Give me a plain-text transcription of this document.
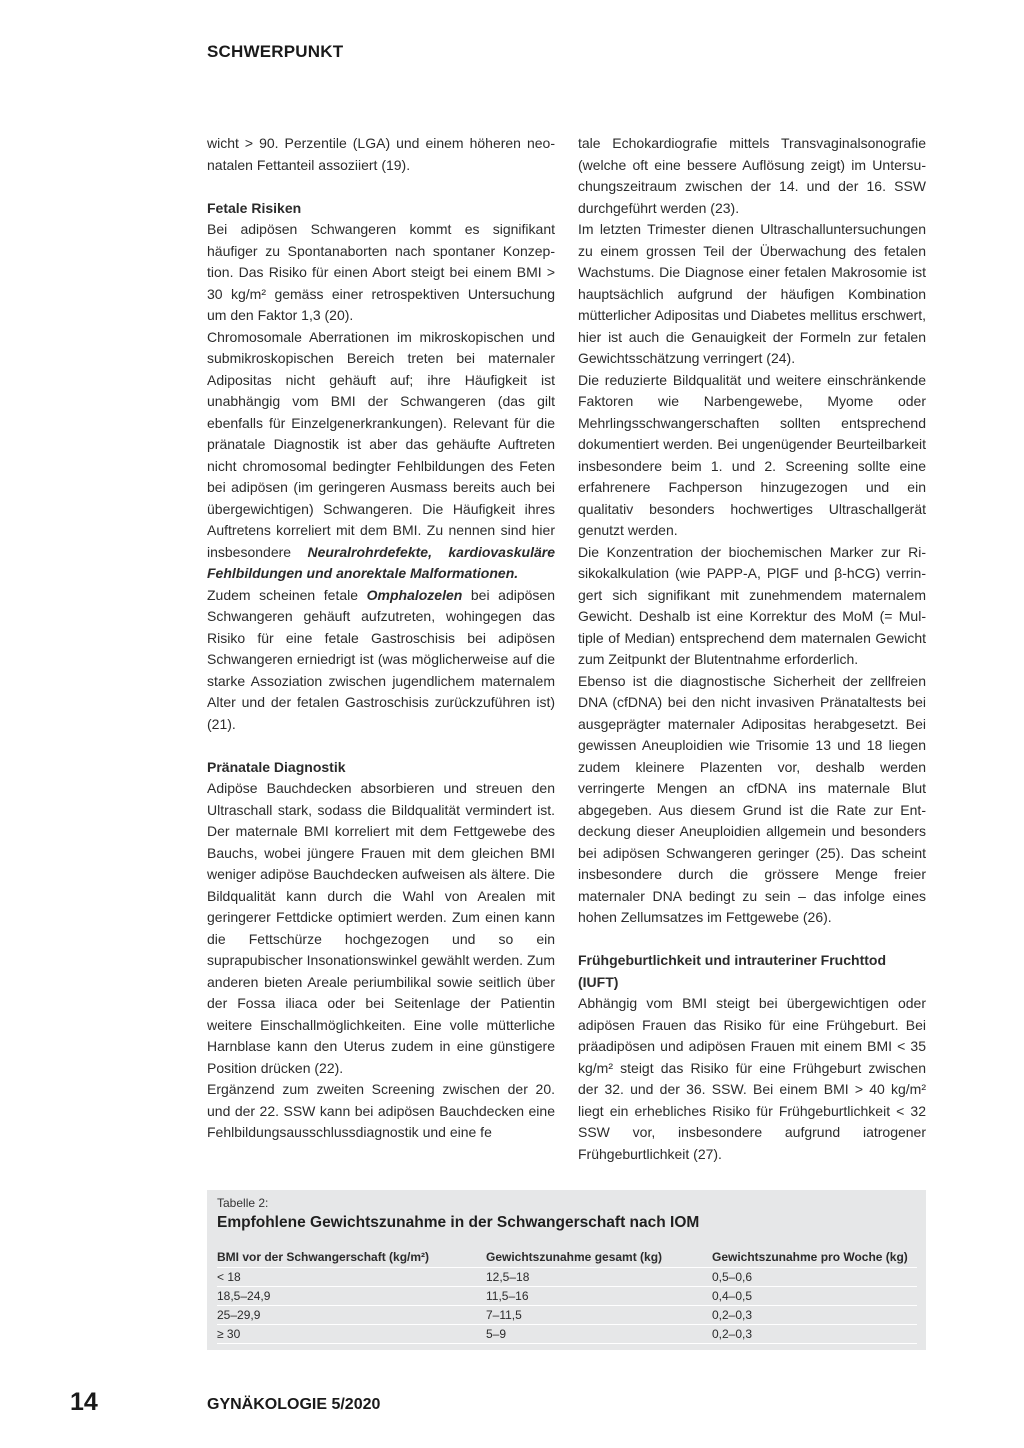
SCHWERPUNKT

wicht > 90. Perzentile (LGA) und einem höheren neonatalen Fettanteil assoziiert (19).

Fetale Risiken

Bei adipösen Schwangeren kommt es signifikant häufiger zu Spontanaborten nach spontaner Konzeption. Das Risiko für einen Abort steigt bei einem BMI > 30 kg/m² gemäss einer retrospektiven Untersuchung um den Faktor 1,3 (20).

Chromosomale Aberrationen im mikroskopischen und submikroskopischen Bereich treten bei maternaler Adipositas nicht gehäuft auf; ihre Häufigkeit ist unabhängig vom BMI der Schwangeren (das gilt ebenfalls für Einzelgenerkrankungen). Relevant für die pränatale Diagnostik ist aber das gehäufte Auftreten nicht chromosomal bedingter Fehlbildungen des Feten bei adipösen (im geringeren Ausmass bereits auch bei übergewichtigen) Schwangeren. Die Häufigkeit ihres Auftretens korreliert mit dem BMI. Zu nennen sind hier insbesondere Neuralrohrdefekte, kardiovaskuläre Fehlbildungen und anorektale Malformationen.

Zudem scheinen fetale Omphalozelen bei adipösen Schwangeren gehäuft aufzutreten, wohingegen das Risiko für eine fetale Gastroschisis bei adipösen Schwangeren erniedrigt ist (was möglicherweise auf die starke Assoziation zwischen jugendlichem maternalem Alter und der fetalen Gastroschisis zurückzuführen ist) (21).

Pränatale Diagnostik

Adipöse Bauchdecken absorbieren und streuen den Ultraschall stark, sodass die Bildqualität vermindert ist. Der maternale BMI korreliert mit dem Fettgewebe des Bauchs, wobei jüngere Frauen mit dem gleichen BMI weniger adipöse Bauchdecken aufweisen als ältere. Die Bildqualität kann durch die Wahl von Arealen mit geringerer Fettdicke optimiert werden. Zum einen kann die Fettschürze hochgezogen und so ein suprapubischer Insonationswinkel gewählt werden. Zum anderen bieten Areale periumbilikal sowie seitlich über der Fossa iliaca oder bei Seitenlage der Patientin weitere Einschallmöglichkeiten. Eine volle mütterliche Harnblase kann den Uterus zudem in eine günstigere Position drücken (22).

Ergänzend zum zweiten Screening zwischen der 20. und der 22. SSW kann bei adipösen Bauchdecken eine Fehlbildungsausschlussdiagnostik und eine fe

tale Echokardiografie mittels Transvaginalsonografie (welche oft eine bessere Auflösung zeigt) im Untersuchungszeitraum zwischen der 14. und der 16. SSW durchgeführt werden (23).

Im letzten Trimester dienen Ultraschalluntersuchungen zu einem grossen Teil der Überwachung des fetalen Wachstums. Die Diagnose einer fetalen Makrosomie ist hauptsächlich aufgrund der häufigen Kombination mütterlicher Adipositas und Diabetes mellitus erschwert, hier ist auch die Genauigkeit der Formeln zur fetalen Gewichtsschätzung verringert (24).

Die reduzierte Bildqualität und weitere einschränkende Faktoren wie Narbengewebe, Myome oder Mehrlingsschwangerschaften sollten entsprechend dokumentiert werden. Bei ungenügender Beurteilbarkeit insbesondere beim 1. und 2. Screening sollte eine erfahrenere Fachperson hinzugezogen und ein qualitativ besonders hochwertiges Ultraschallgerät genutzt werden.

Die Konzentration der biochemischen Marker zur Risikokalkulation (wie PAPP-A, PlGF und β-hCG) verringert sich signifikant mit zunehmendem maternalem Gewicht. Deshalb ist eine Korrektur des MoM (= Multiple of Median) entsprechend dem maternalen Gewicht zum Zeitpunkt der Blutentnahme erforderlich.

Ebenso ist die diagnostische Sicherheit der zellfreien DNA (cfDNA) bei den nicht invasiven Pränataltests bei ausgeprägter maternaler Adipositas herabgesetzt. Bei gewissen Aneuploidien wie Trisomie 13 und 18 liegen zudem kleinere Plazenten vor, deshalb werden verringerte Mengen an cfDNA ins maternale Blut abgegeben. Aus diesem Grund ist die Rate zur Entdeckung dieser Aneuploidien allgemein und besonders bei adipösen Schwangeren geringer (25). Das scheint insbesondere durch die grössere Menge freier maternaler DNA bedingt zu sein – das infolge eines hohen Zellumsatzes im Fettgewebe (26).

Frühgeburtlichkeit und intrauteriner Fruchttod (IUFT)

Abhängig vom BMI steigt bei übergewichtigen oder adipösen Frauen das Risiko für eine Frühgeburt. Bei präadipösen und adipösen Frauen mit einem BMI < 35 kg/m² steigt das Risiko für eine Frühgeburt zwischen der 32. und der 36. SSW. Bei einem BMI > 40 kg/m² liegt ein erhebliches Risiko für Frühgeburtlichkeit < 32 SSW vor, insbesondere aufgrund iatrogener Frühgeburtlichkeit (27).

Tabelle 2:
Empfohlene Gewichtszunahme in der Schwangerschaft nach IOM
BMI vor der Schwangerschaft (kg/m²)	Gewichtszunahme gesamt (kg)	Gewichtszunahme pro Woche (kg)
< 18	12,5–18	0,5–0,6
18,5–24,9	11,5–16	0,4–0,5
25–29,9	7–11,5	0,2–0,3
≥ 30	5–9	0,2–0,3
14	GYNÄKOLOGIE 5/2020
